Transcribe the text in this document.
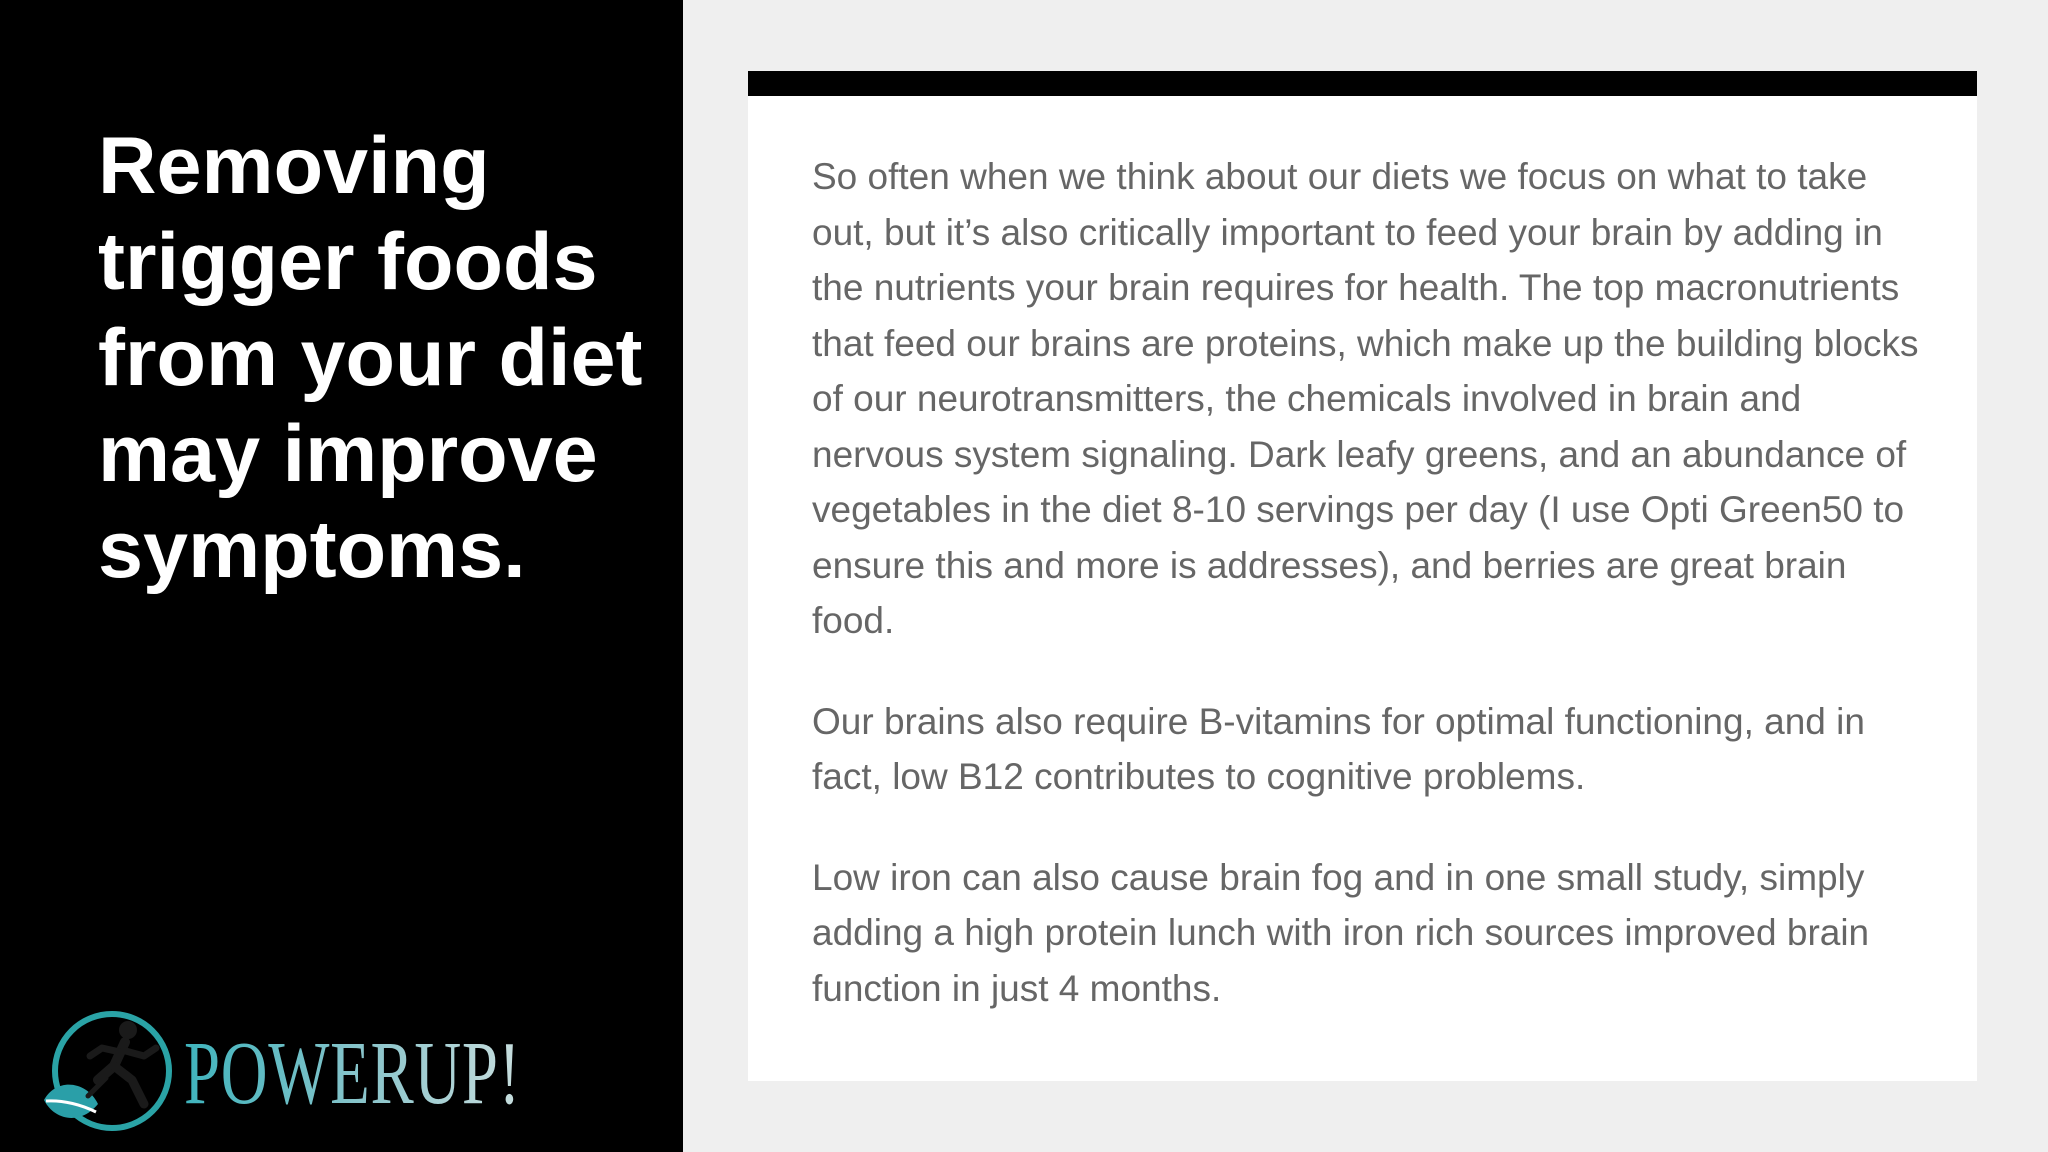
Removing trigger foods from your diet may improve symptoms.
POWERUP!

So often when we think about our diets we focus on what to take out, but it’s also critically important to feed your brain by adding in the nutrients your brain requires for health. The top macronutrients that feed our brains are proteins, which make up the building blocks of our neurotransmitters, the chemicals involved in brain and nervous system signaling. Dark leafy greens, and an abundance of vegetables in the diet 8-10 servings per day (I use Opti Green50 to ensure this and more is addresses), and berries are great brain food.

Our brains also require B-vitamins for optimal functioning, and in fact, low B12 contributes to cognitive problems.

Low iron can also cause brain fog and in one small study, simply adding a high protein lunch with iron rich sources improved brain function in just 4 months.
